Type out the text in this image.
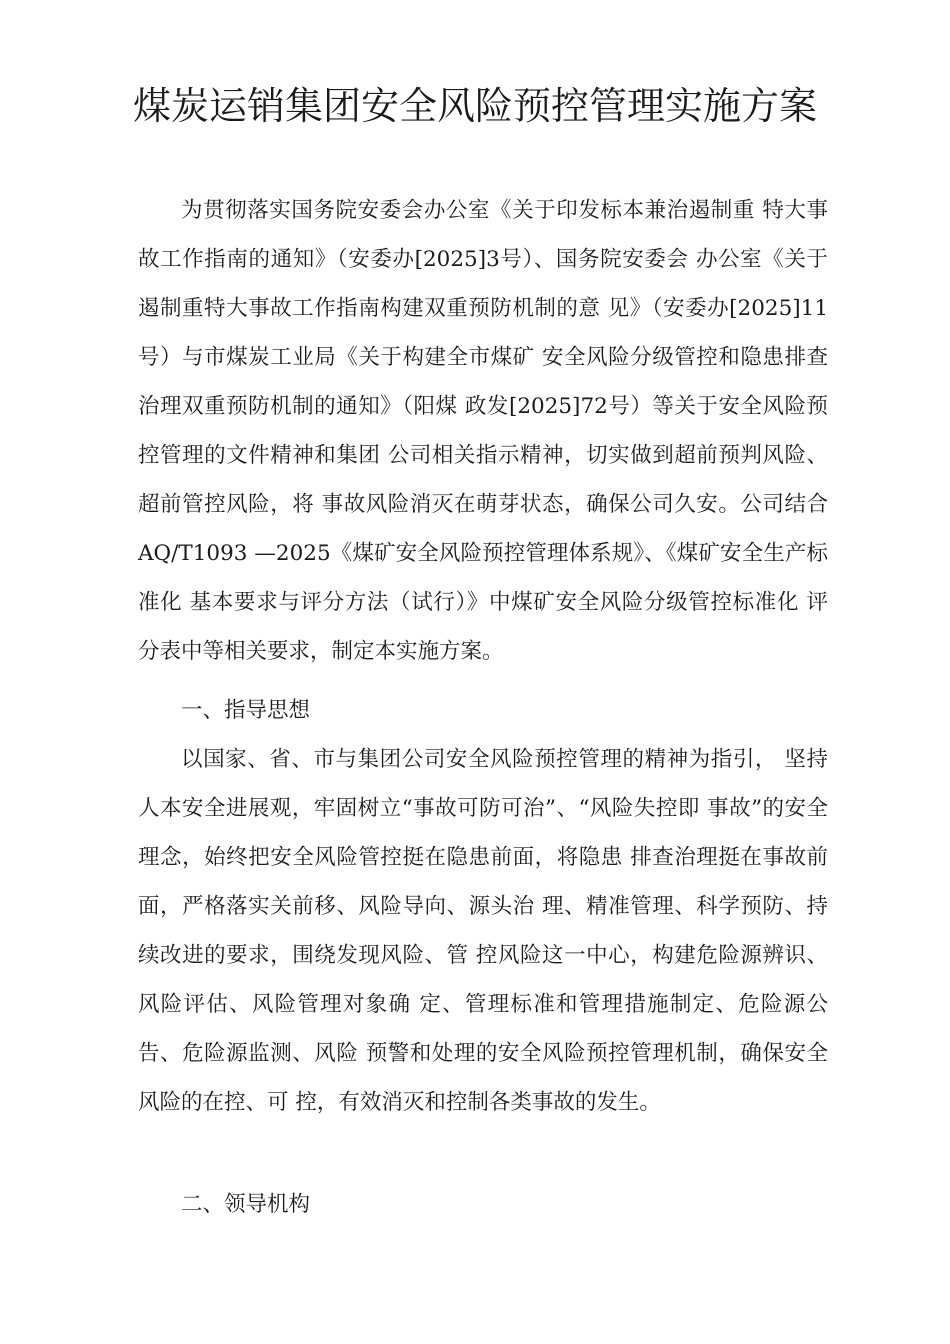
煤炭运销集团安全风险预控管理实施方案

为贯彻落实国务院安委会办公室《关于印发标本兼治遏制重 特大事故工作指南的通知》（安委办[2025]3号）、国务院安委会 办公室《关于遏制重特大事故工作指南构建双重预防机制的意 见》（安委办[2025]11号）与市煤炭工业局《关于构建全市煤矿 安全风险分级管控和隐患排查治理双重预防机制的通知》（阳煤 政发[2025]72号）等关于安全风险预控管理的文件精神和集团 公司相关指示精神，切实做到超前预判风险、超前管控风险，将 事故风险消灭在萌芽状态，确保公司久安。公司结合AQ/T1093 —2025《煤矿安全风险预控管理体系规》、《煤矿安全生产标准化 基本要求与评分方法（试行）》中煤矿安全风险分级管控标准化 评分表中等相关要求，制定本实施方案。

一、指导思想

以国家、省、市与集团公司安全风险预控管理的精神为指引， 坚持人本安全进展观，牢固树立“事故可防可治”、“风险失控即 事故”的安全理念，始终把安全风险管控挺在隐患前面，将隐患 排查治理挺在事故前面，严格落实关前移、风险导向、源头治 理、精准管理、科学预防、持续改进的要求，围绕发现风险、管 控风险这一中心，构建危险源辨识、风险评估、风险管理对象确 定、管理标准和管理措施制定、危险源公告、危险源监测、风险 预警和处理的安全风险预控管理机制，确保安全风险的在控、可 控，有效消灭和控制各类事故的发生。

二、领导机构
